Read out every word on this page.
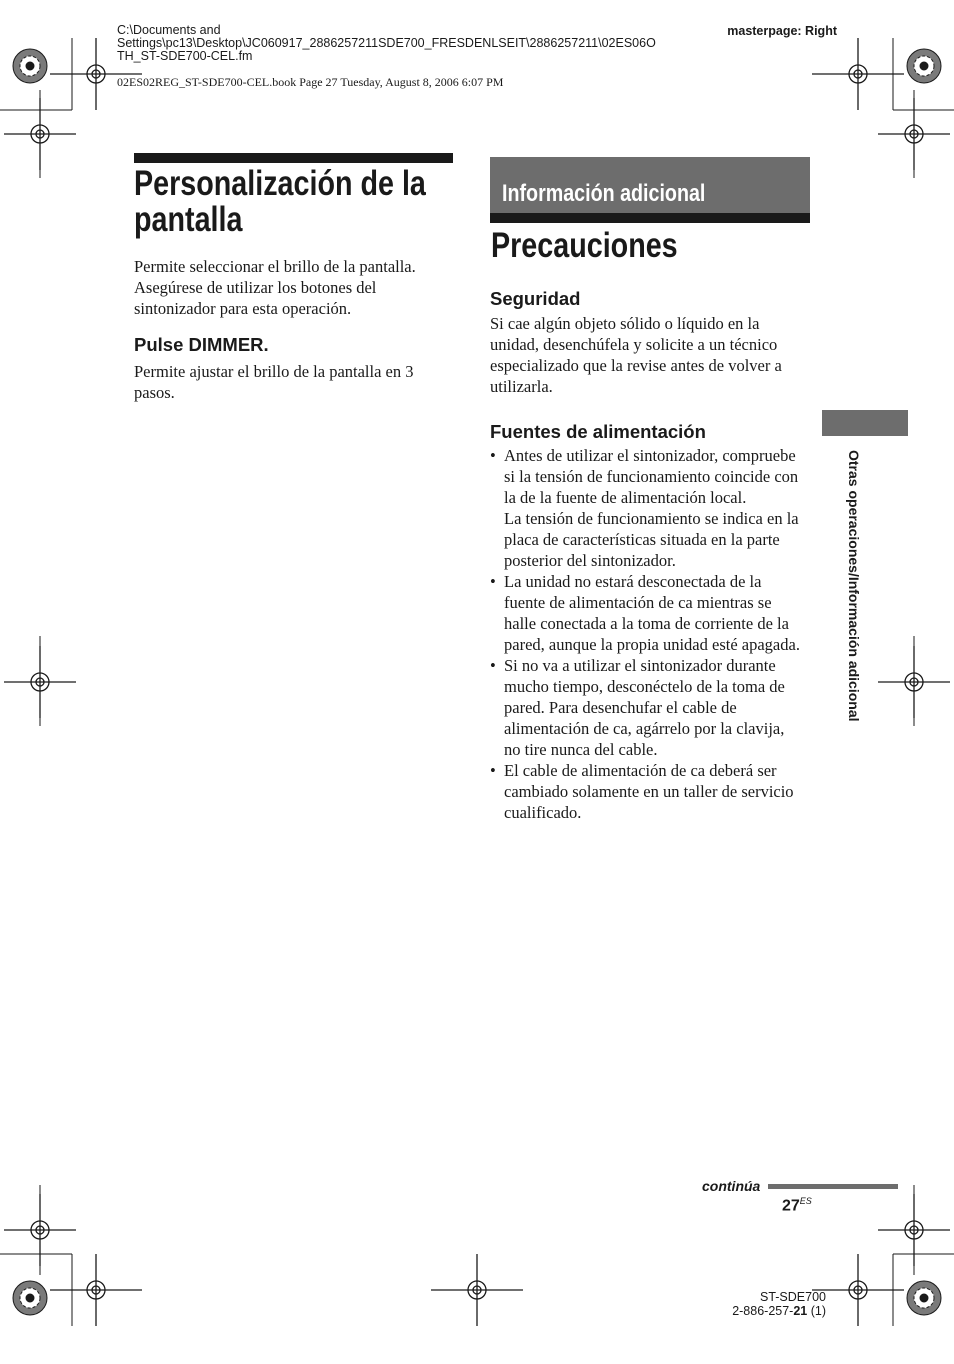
C:\Documents and
Settings\pc13\Desktop\JC060917_2886257211SDE700_FRESDENLSEIT\2886257211\02ES06O
TH_ST-SDE700-CEL.fm
masterpage: Right
02ES02REG_ST-SDE700-CEL.book Page 27 Tuesday, August 8, 2006 6:07 PM
Personalización de la
pantalla
Permite seleccionar el brillo de la pantalla.
Asegúrese de utilizar los botones del
sintonizador para esta operación.
Pulse DIMMER.
Permite ajustar el brillo de la pantalla en 3
pasos.
Información adicional
Precauciones
Seguridad
Si cae algún objeto sólido o líquido en la
unidad, desenchúfela y solicite a un técnico
especializado que la revise antes de volver a
utilizarla.
Fuentes de alimentación
• Antes de utilizar el sintonizador, compruebe
si la tensión de funcionamiento coincide con
la de la fuente de alimentación local.
La tensión de funcionamiento se indica en la
placa de características situada en la parte
posterior del sintonizador.
• La unidad no estará desconectada de la
fuente de alimentación de ca mientras se
halle conectada a la toma de corriente de la
pared, aunque la propia unidad esté apagada.
• Si no va a utilizar el sintonizador durante
mucho tiempo, desconéctelo de la toma de
pared. Para desenchufar el cable de
alimentación de ca, agárrelo por la clavija,
no tire nunca del cable.
• El cable de alimentación de ca deberá ser
cambiado solamente en un taller de servicio
cualificado.
Otras operaciones/Información adicional
continúa
$27^{ES}$
ST-SDE700
2-886-257-21 (1)
